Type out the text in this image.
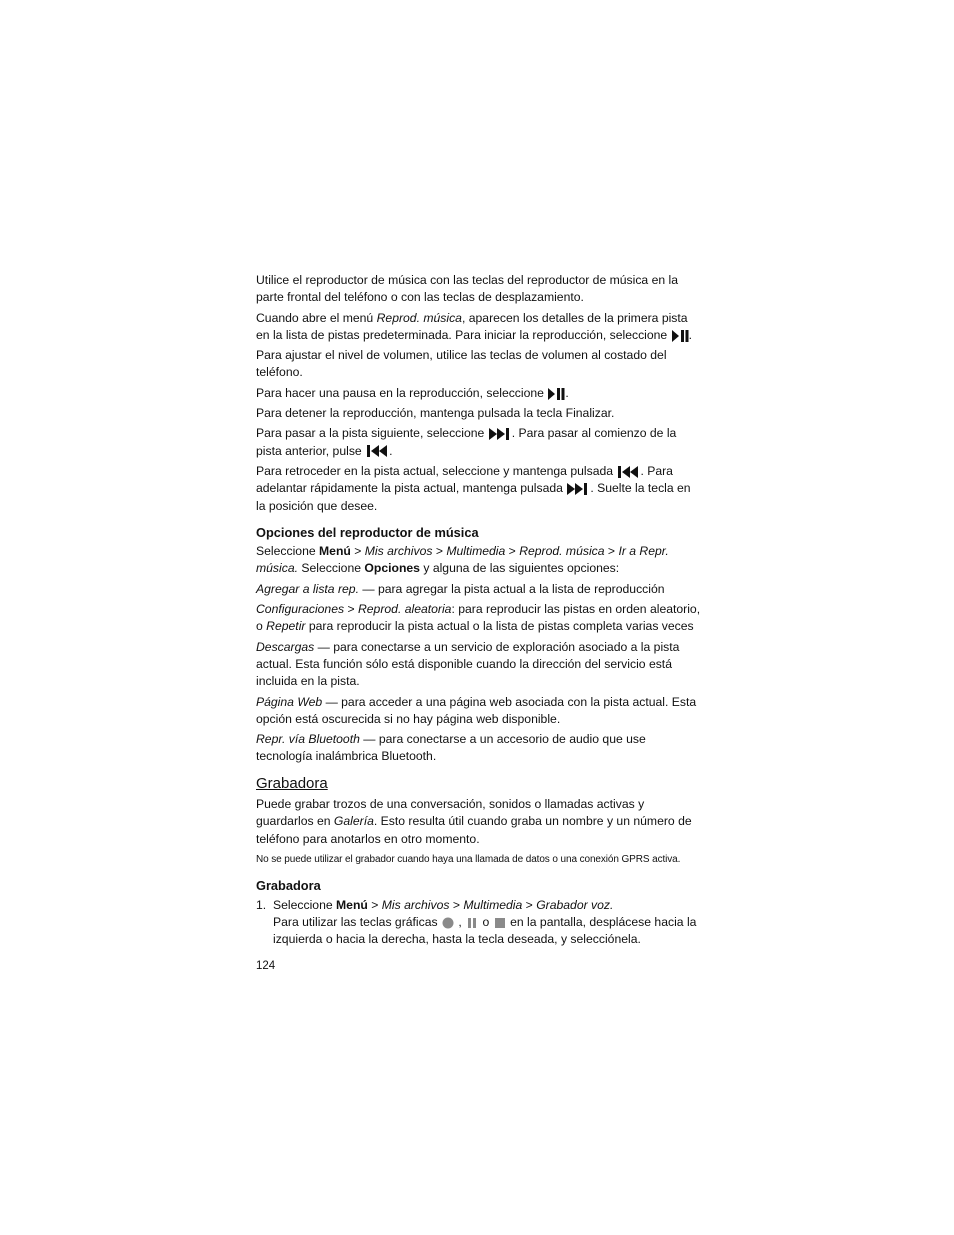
Utilice el reproductor de música con las teclas del reproductor de música en la parte frontal del teléfono o con las teclas de desplazamiento.

Cuando abre el menú Reprod. música, aparecen los detalles de la primera pista en la lista de pistas predeterminada. Para iniciar la reproducción, seleccione .

Para ajustar el nivel de volumen, utilice las teclas de volumen al costado del teléfono.

Para hacer una pausa en la reproducción, seleccione .

Para detener la reproducción, mantenga pulsada la tecla Finalizar.

Para pasar a la pista siguiente, seleccione . Para pasar al comienzo de la pista anterior, pulse .

Para retroceder en la pista actual, seleccione y mantenga pulsada . Para adelantar rápidamente la pista actual, mantenga pulsada . Suelte la tecla en la posición que desee.

Opciones del reproductor de música

Seleccione Menú > Mis archivos > Multimedia > Reprod. música > Ir a Repr. música. Seleccione Opciones y alguna de las siguientes opciones:

Agregar a lista rep. — para agregar la pista actual a la lista de reproducción

Configuraciones > Reprod. aleatoria: para reproducir las pistas en orden aleatorio, o Repetir para reproducir la pista actual o la lista de pistas completa varias veces

Descargas — para conectarse a un servicio de exploración asociado a la pista actual. Esta función sólo está disponible cuando la dirección del servicio está incluida en la pista.

Página Web — para acceder a una página web asociada con la pista actual. Esta opción está oscurecida si no hay página web disponible.

Repr. vía Bluetooth — para conectarse a un accesorio de audio que use tecnología inalámbrica Bluetooth.

Grabadora

Puede grabar trozos de una conversación, sonidos o llamadas activas y guardarlos en Galería. Esto resulta útil cuando graba un nombre y un número de teléfono para anotarlos en otro momento.

No se puede utilizar el grabador cuando haya una llamada de datos o una conexión GPRS activa.

Grabadora
1. Seleccione Menú > Mis archivos > Multimedia > Grabador voz.

Para utilizar las teclas gráficas  ,  o  en la pantalla, desplácese hacia la izquierda o hacia la derecha, hasta la tecla deseada, y selecciónela.

124
